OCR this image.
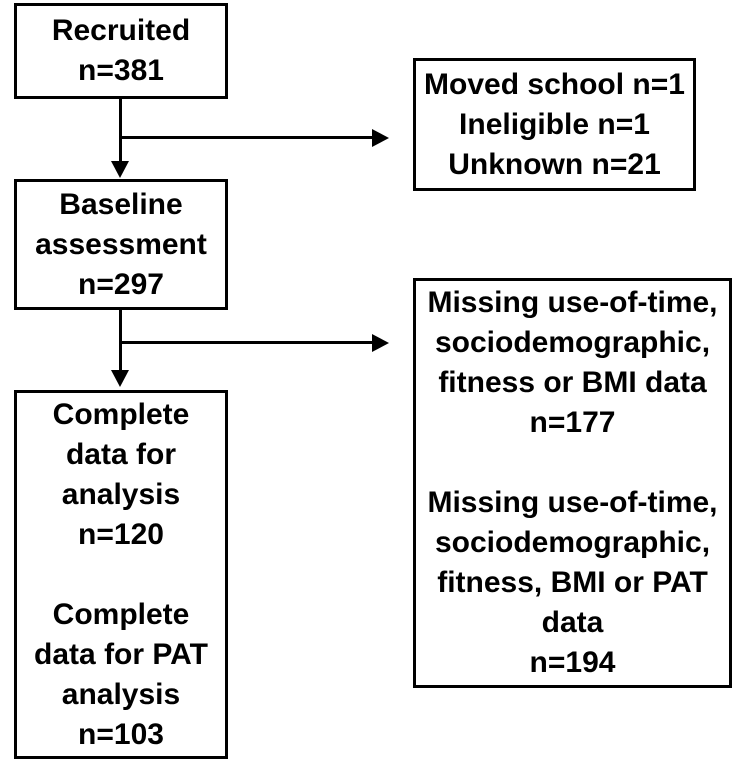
Recruited
n=381
Baseline
assessment
n=297
Complete
data for
analysis
n=120
Complete
data for PAT
analysis
n=103
Moved school n=1
Ineligible n=1
Unknown n=21
Missing use-of-time,
sociodemographic,
fitness or BMI data
n=177
Missing use-of-time,
sociodemographic,
fitness, BMI or PAT
data
n=194
